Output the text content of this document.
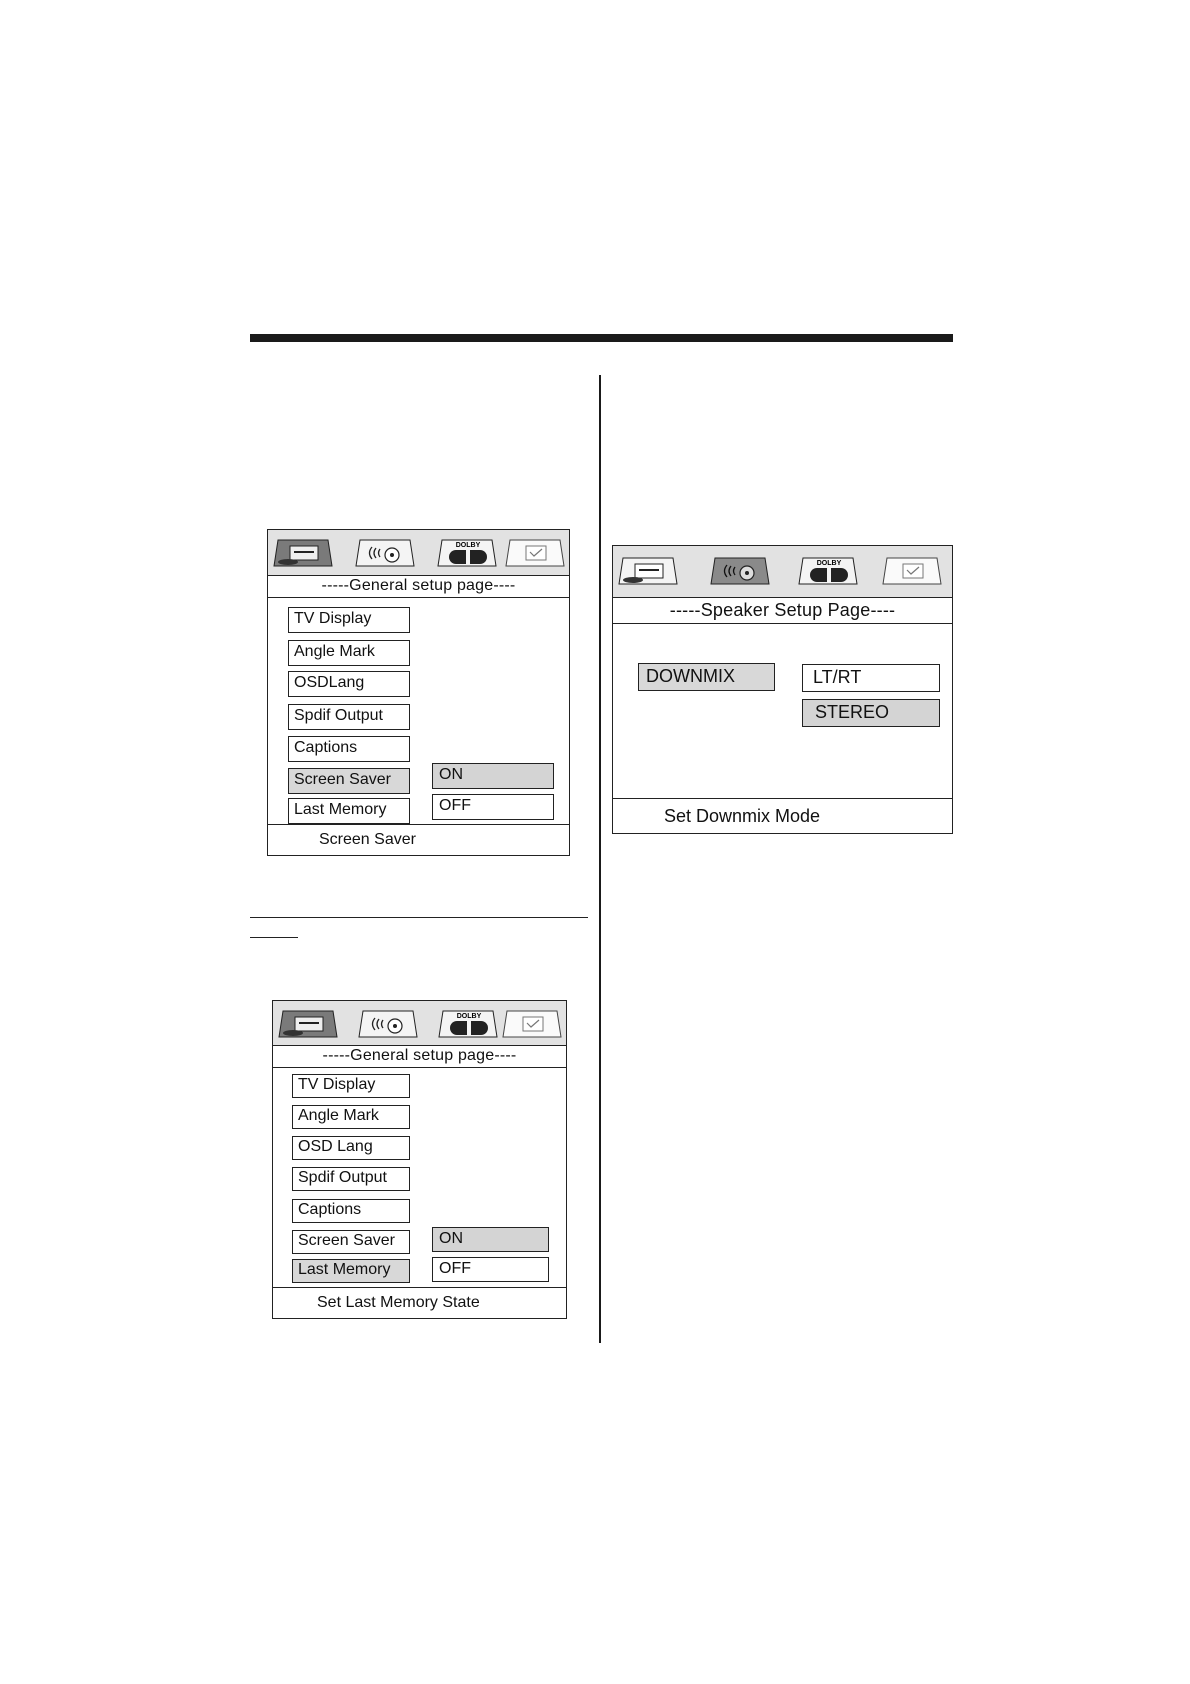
DOLBY
-----General setup page----
TV Display
Angle Mark
OSDLang
Spdif Output
Captions
Screen Saver
Last Memory
ON
OFF
Screen Saver
DOLBY
-----General setup page----
TV Display
Angle Mark
OSD Lang
Spdif Output
Captions
Screen Saver
Last Memory
ON
OFF
Set Last Memory State
DOLBY
-----Speaker Setup Page----
DOWNMIX	LT/RT
STEREO
Set Downmix Mode
